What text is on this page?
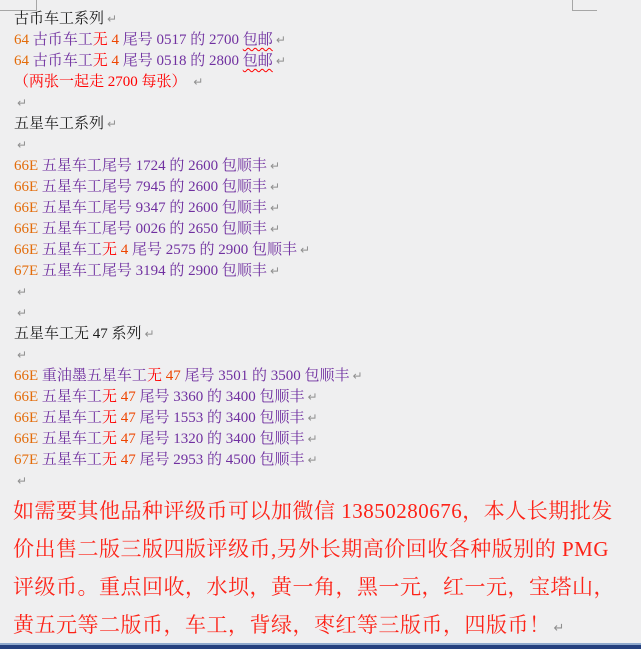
古币车工系列 ↵
64 古币车工无 4 尾号 0517 的 2700 包邮 ↵
64 古币车工无 4 尾号 0518 的 2800 包邮 ↵
（两张一起走 2700 每张） ↵
↵
五星车工系列 ↵
↵
66E 五星车工尾号 1724 的 2600 包顺丰 ↵
66E 五星车工尾号 7945 的 2600 包顺丰 ↵
66E 五星车工尾号 9347 的 2600 包顺丰 ↵
66E 五星车工尾号 0026 的 2650 包顺丰 ↵
66E 五星车工无 4 尾号 2575 的 2900 包顺丰 ↵
67E 五星车工尾号 3194 的 2900 包顺丰 ↵
↵
↵
五星车工无 47 系列 ↵
↵
66E 重油墨五星车工无 47 尾号 3501 的 3500 包顺丰 ↵
66E 五星车工无 47 尾号 3360 的 3400 包顺丰 ↵
66E 五星车工无 47 尾号 1553 的 3400 包顺丰 ↵
66E 五星车工无 47 尾号 1320 的 3400 包顺丰 ↵
67E 五星车工无 47 尾号 2953 的 4500 包顺丰 ↵
↵
如需要其他品种评级币可以加微信 13850280676，本人长期批发
价出售二版三版四版评级币,另外长期高价回收各种版别的 PMG
评级币。重点回收，水坝，黄一角，黑一元，红一元，宝塔山，
黄五元等二版币，车工，背绿，枣红等三版币，四版币！ ↵
